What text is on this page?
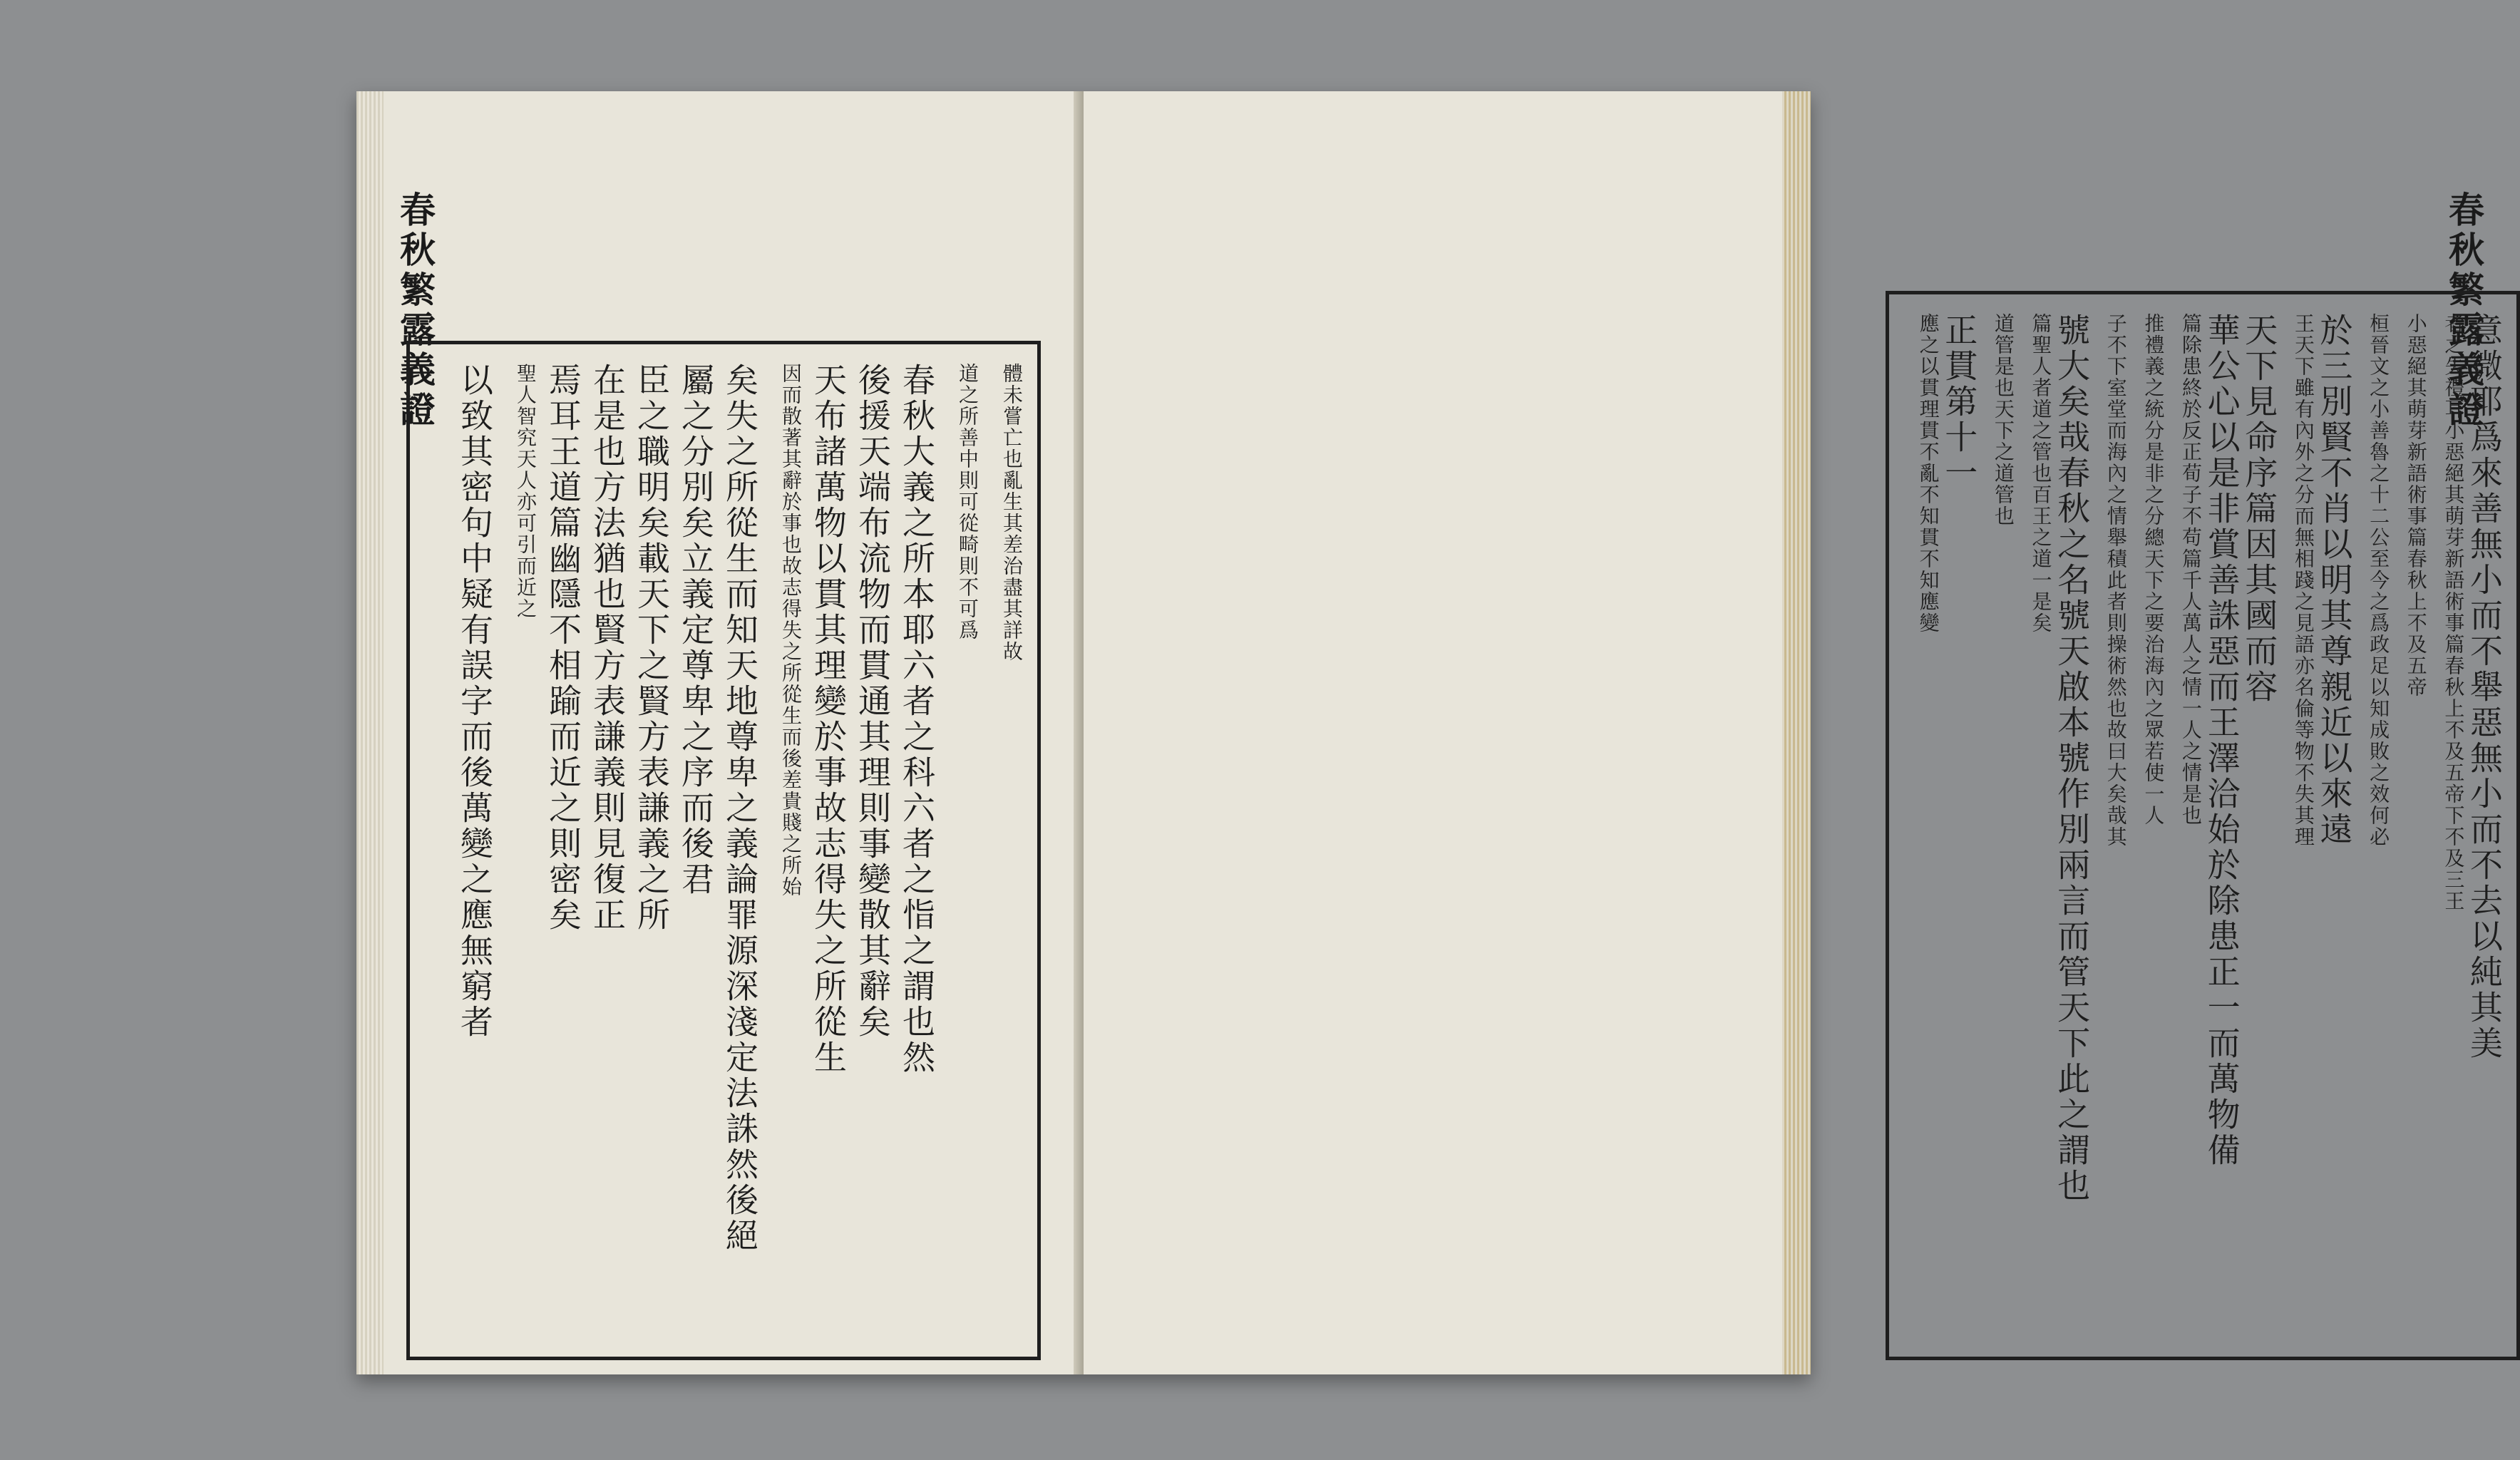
春秋繁露義證
體未嘗亡也亂生其差治盡其詳故
道之所善中則可從畸則不可爲
春秋大義之所本耶六者之科六者之恉之謂也然
後援天端布流物而貫通其理則事變散其辭矣
天布諸萬物以貫其理變於事故志得失之所從生
因而散著其辭於事也故志得失之所從生而後差貴賤之所始
矣失之所從生而知天地尊卑之義論罪源深淺定法誅然後絕
屬之分別矣立義定尊卑之序而後君
臣之職明矣載天下之賢方表謙義之所
在是也方法猶也賢方表謙義則見復正
焉耳王道篇幽隱不相踰而近之則密矣
聖人智究天人亦可引而近之
以致其密句中疑有誤字而後萬變之應無窮者
春秋繁露義證
意微耶爲來善無小而不舉惡無小而不去以純其美
者之失禮耳小惡絕其萌芽新語術事篇春秋上不及五帝下不及三王
小惡絕其萌芽新語術事篇春秋上不及五帝
桓晉文之小善魯之十二公至今之爲政足以知成敗之效何必
於三別賢不肖以明其尊親近以來遠
王天下雖有內外之分而無相踐之見語亦名倫等物不失其理
天下見命序篇因其國而容
華公心以是非賞善誅惡而王澤洽始於除患正一而萬物備
篇除患終於反正荀子不苟篇千人萬人之情一人之情是也
推禮義之統分是非之分總天下之要治海內之眾若使一人
子不下室堂而海內之情舉積此者則操術然也故曰大矣哉其
號大矣哉春秋之名號天啟本號作別兩言而管天下此之謂也
篇聖人者道之管也百王之道一是矣
道管是也天下之道管也
正貫第十一
應之以貫理貫不亂不知貫不知應變
